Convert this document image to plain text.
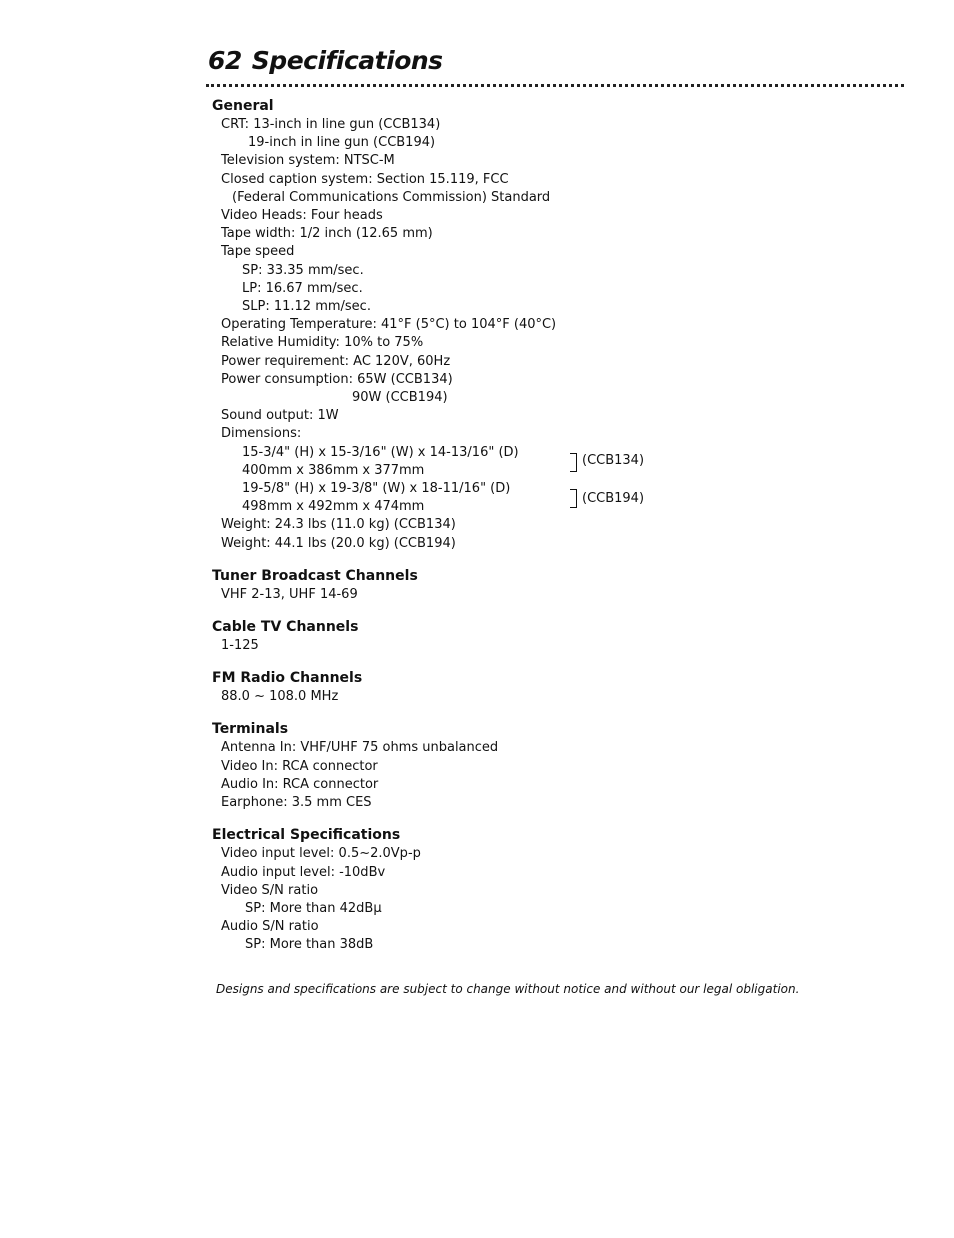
62 Specifications
General
CRT: 13-inch in line gun (CCB134)
19-inch in line gun (CCB194)
Television system: NTSC-M
Closed caption system: Section 15.119, FCC
(Federal Communications Commission) Standard
Video Heads: Four heads
Tape width: 1/2 inch (12.65 mm)
Tape speed
SP: 33.35 mm/sec.
LP: 16.67 mm/sec.
SLP: 11.12 mm/sec.
Operating Temperature: 41°F (5°C) to 104°F (40°C)
Relative Humidity: 10% to 75%
Power requirement: AC 120V, 60Hz
Power consumption: 65W (CCB134)
90W (CCB194)
Sound output: 1W
Dimensions:
15-3/4" (H) x 15-3/16" (W) x 14-13/16" (D)
400mm x 386mm x 377mm
(CCB134)
19-5/8" (H) x 19-3/8" (W) x 18-11/16" (D)
498mm x 492mm x 474mm
(CCB194)
Weight: 24.3 lbs (11.0 kg) (CCB134)
Weight: 44.1 lbs (20.0 kg) (CCB194)
Tuner Broadcast Channels
VHF 2-13, UHF 14-69
Cable TV Channels
1-125
FM Radio Channels
88.0 ~ 108.0 MHz
Terminals
Antenna In: VHF/UHF 75 ohms unbalanced
Video In: RCA connector
Audio In: RCA connector
Earphone: 3.5 mm CES
Electrical Specifications
Video input level: 0.5~2.0Vp-p
Audio input level: -10dBv
Video S/N ratio
SP: More than 42dBμ
Audio S/N ratio
SP: More than 38dB
Designs and specifications are subject to change without notice and without our legal obligation.
